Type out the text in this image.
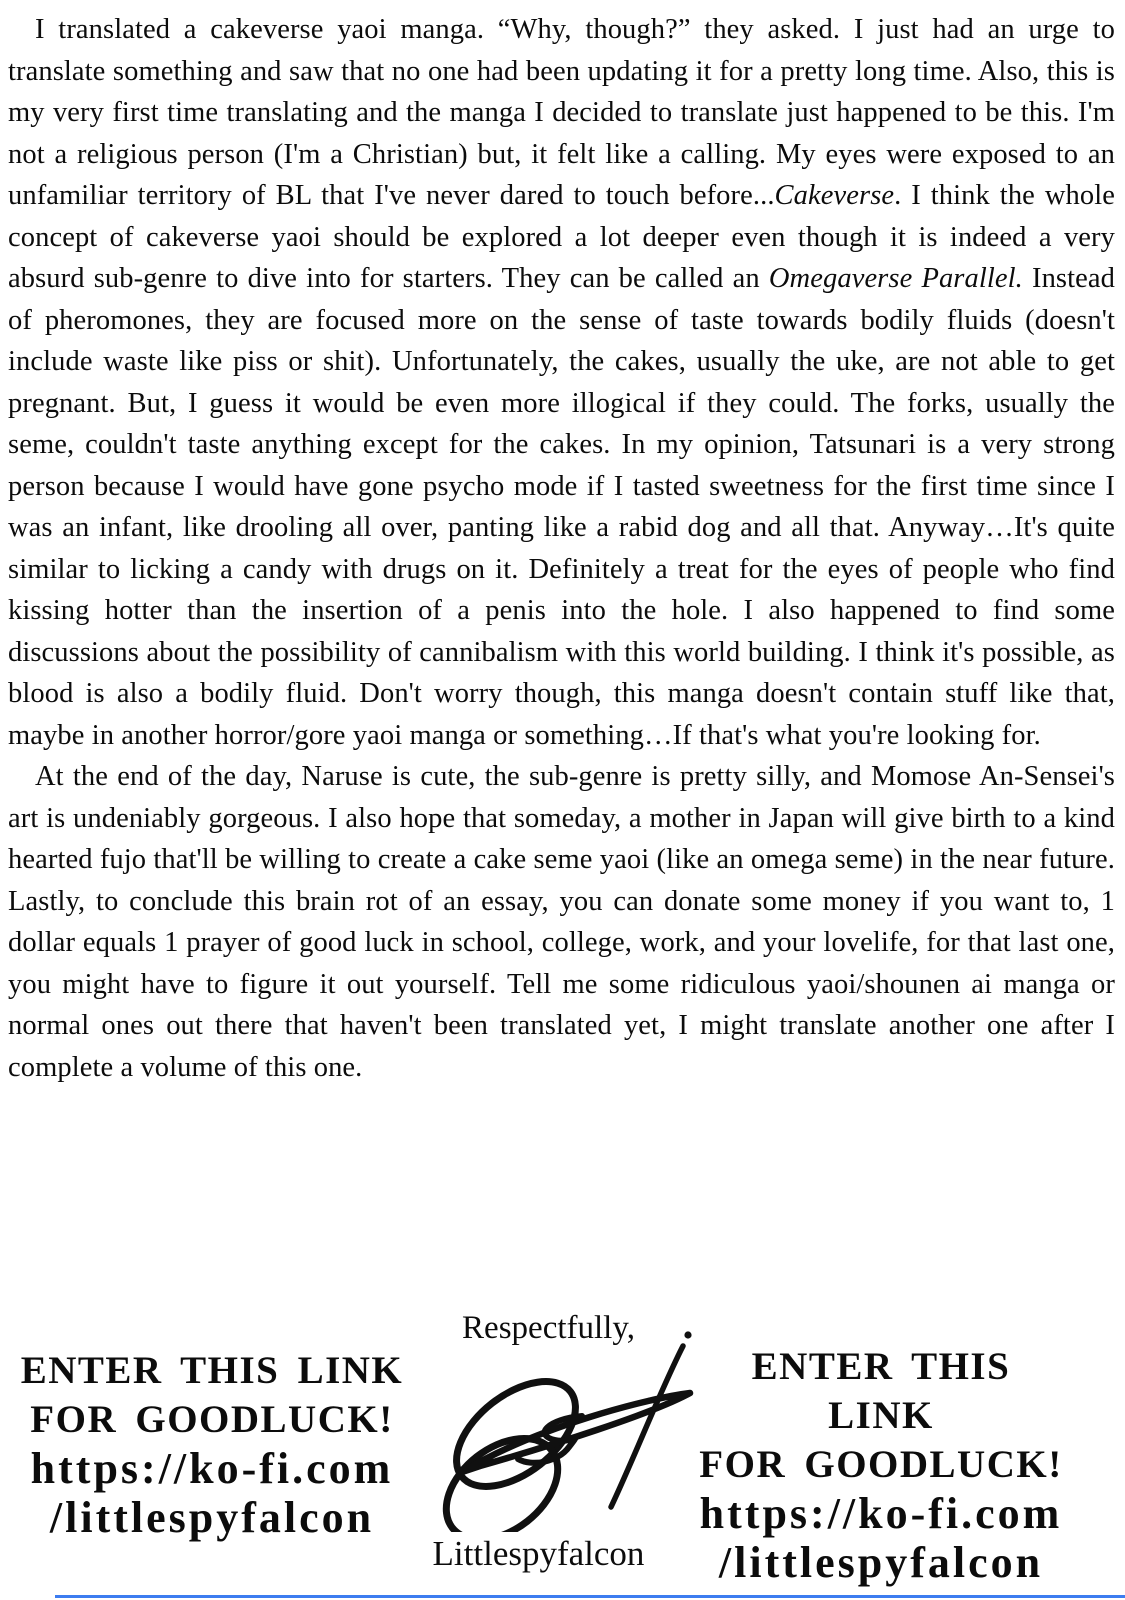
I translated a cakeverse yaoi manga. “Why, though?” they asked. I just had an urge to translate something and saw that no one had been updating it for a pretty long time. Also, this is my very first time translating and the manga I decided to translate just happened to be this. I'm not a religious person (I'm a Christian) but, it felt like a calling. My eyes were exposed to an unfamiliar territory of BL that I've never dared to touch before...Cakeverse. I think the whole concept of cakeverse yaoi should be explored a lot deeper even though it is indeed a very absurd sub-genre to dive into for starters. They can be called an Omegaverse Parallel. Instead of pheromones, they are focused more on the sense of taste towards bodily fluids (doesn't include waste like piss or shit). Unfortunately, the cakes, usually the uke, are not able to get pregnant. But, I guess it would be even more illogical if they could. The forks, usually the seme, couldn't taste anything except for the cakes. In my opinion, Tatsunari is a very strong person because I would have gone psycho mode if I tasted sweetness for the first time since I was an infant, like drooling all over, panting like a rabid dog and all that. Anyway…It's quite similar to licking a candy with drugs on it. Definitely a treat for the eyes of people who find kissing hotter than the insertion of a penis into the hole. I also happened to find some discussions about the possibility of cannibalism with this world building. I think it's possible, as blood is also a bodily fluid. Don't worry though, this manga doesn't contain stuff like that, maybe in another horror/gore yaoi manga or something…If that's what you're looking for.

At the end of the day, Naruse is cute, the sub-genre is pretty silly, and Momose An-Sensei's art is undeniably gorgeous. I also hope that someday, a mother in Japan will give birth to a kind hearted fujo that'll be willing to create a cake seme yaoi (like an omega seme) in the near future. Lastly, to conclude this brain rot of an essay, you can donate some money if you want to, 1 dollar equals 1 prayer of good luck in school, college, work, and your lovelife, for that last one, you might have to figure it out yourself. Tell me some ridiculous yaoi/shounen ai manga or normal ones out there that haven't been translated yet, I might translate another one after I complete a volume of this one.

Respectfully,
ENTER THIS LINK
FOR GOODLUCK!
https://ko-fi.com
/littlespyfalcon
ENTER THIS LINK
FOR GOODLUCK!
https://ko-fi.com
/littlespyfalcon
Littlespyfalcon
